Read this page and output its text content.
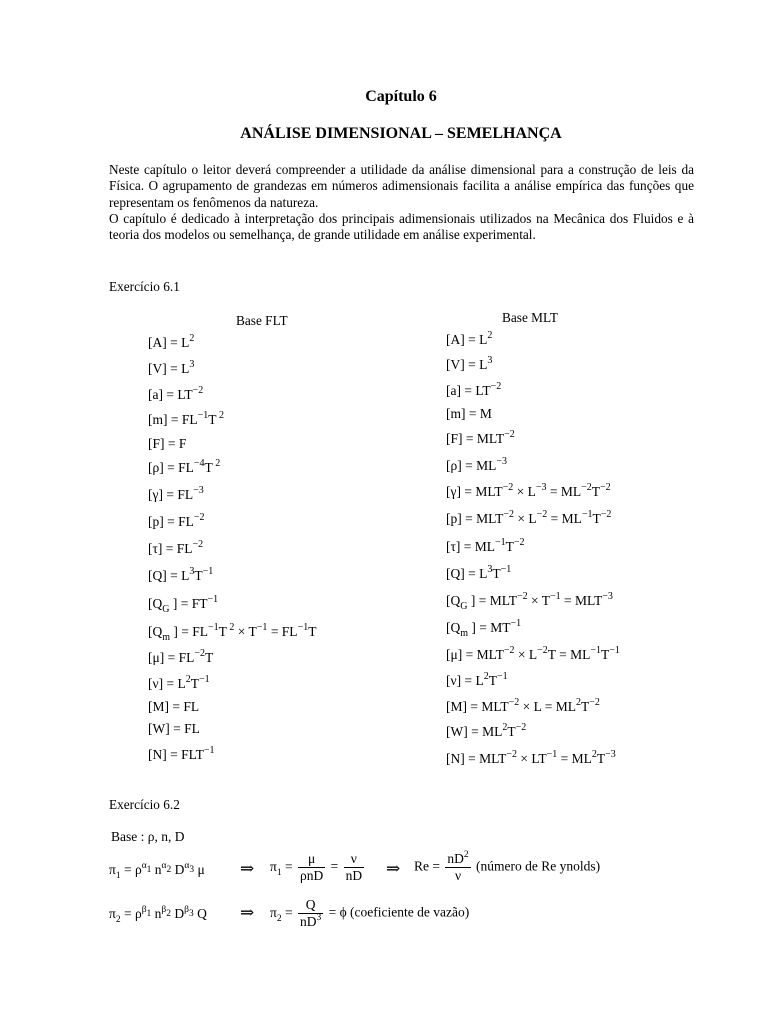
Capítulo 6
ANÁLISE DIMENSIONAL – SEMELHANÇA

Neste capítulo o leitor deverá compreender a utilidade da análise dimensional para a construção de leis da Física. O agrupamento de grandezas em números adimensionais facilita a análise empírica das funções que representam os fenômenos da natureza.

O capítulo é dedicado à interpretação dos principais adimensionais utilizados na Mecânica dos Fluidos e à teoria dos modelos ou semelhança, de grande utilidade em análise experimental.

Exercício 6.1
Base FLT	Base MLT
$[A] = L^2$
$[V] = L^3$
$[a] = LT^{-2}$
$[m] = FL^{-1}T$ $^2$
[F] = F
$[\rho] = FL^{-4}T$ $^2$
$[\gamma] = FL^{-3}$
$[p] = FL^{-2}$
$[\tau] = FL^{-2}$
$[Q] = L^3T^{-1}$
[$Q_G$ ] = $FT^{-1}$
[$Q_m$ ] = $FL^{-1}T$ $^2 \times T^{-1} = FL^{-1}T$
$[\mu] = FL^{-2}T$
$[\nu] = L^2T^{-1}$
[M] = FL
[W] = FL
$[N] = FLT^{-1}$
$[A] = L^2$
$[V] = L^3$
$[a] = LT^{-2}$
[m] = M
$[F] = MLT^{-2}$
$[\rho] = ML^{-3}$
$[\gamma] = MLT^{-2} \times L^{-3} = ML^{-2}T^{-2}$
$[p] = MLT^{-2} \times L^{-2} = ML^{-1}T^{-2}$
$[\tau] = ML^{-1}T^{-2}$
$[Q] = L^3T^{-1}$
[$Q_G$ ] = $MLT^{-2} \times T^{-1} = MLT^{-3}$
[$Q_m$ ] = $MT^{-1}$
$[\mu] = MLT^{-2} \times L^{-2}T = ML^{-1}T^{-1}$
$[\nu] = L^2T^{-1}$
$[M] = MLT^{-2} \times L = ML^2T^{-2}$
$[W] = ML^2T^{-2}$
$[N] = MLT^{-2} \times LT^{-1} = ML^2T^{-3}$
Exercício 6.2
Base : ρ, n, D
$\pi_1 = \rho^{\alpha_1}$ $n^{\alpha_2}$ $D^{\alpha_3}$ μ ⇒ $\pi_1 = \frac{\mu}{\text{ρnD}} = \frac{\nu}{nD}$ ⇒ $Re = \frac{nD^2}{\nu}$ (número de Re ynolds)
$\pi_2 = \rho^{\beta_1}$ $n^{\beta_2}$ $D^{\beta_3}$ Q ⇒ $\pi_2 = \frac{Q}{nD^3} = \phi$ (coeficiente de vazão)
